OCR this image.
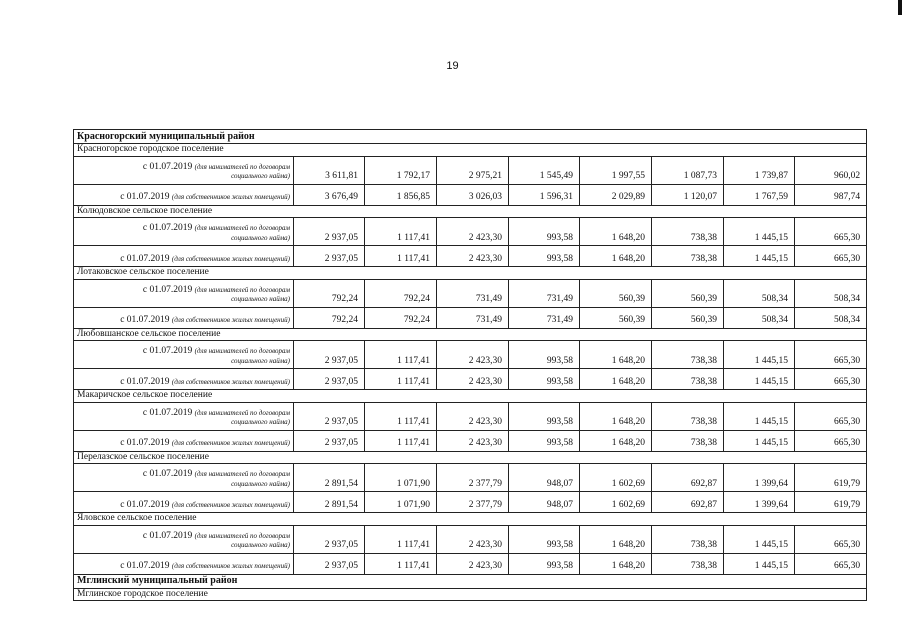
19
Красногорский муниципальный район								
Красногорское городское поселение								
с 01.07.2019 (для нанимателей по договорам
социального найма)	3 611,81	1 792,17	2 975,21	1 545,49	1 997,55	1 087,73	1 739,87	960,02
с 01.07.2019 (для собственников жилых помещений)	3 676,49	1 856,85	3 026,03	1 596,31	2 029,89	1 120,07	1 767,59	987,74
Колюдовское сельское поселение								
с 01.07.2019 (для нанимателей по договорам
социального найма)	2 937,05	1 117,41	2 423,30	993,58	1 648,20	738,38	1 445,15	665,30
с 01.07.2019 (для собственников жилых помещений)	2 937,05	1 117,41	2 423,30	993,58	1 648,20	738,38	1 445,15	665,30
Лотаковское сельское поселение								
с 01.07.2019 (для нанимателей по договорам
социального найма)	792,24	792,24	731,49	731,49	560,39	560,39	508,34	508,34
с 01.07.2019 (для собственников жилых помещений)	792,24	792,24	731,49	731,49	560,39	560,39	508,34	508,34
Любовшанское сельское поселение								
с 01.07.2019 (для нанимателей по договорам
социального найма)	2 937,05	1 117,41	2 423,30	993,58	1 648,20	738,38	1 445,15	665,30
с 01.07.2019 (для собственников жилых помещений)	2 937,05	1 117,41	2 423,30	993,58	1 648,20	738,38	1 445,15	665,30
Макаричское сельское поселение								
с 01.07.2019 (для нанимателей по договорам
социального найма)	2 937,05	1 117,41	2 423,30	993,58	1 648,20	738,38	1 445,15	665,30
с 01.07.2019 (для собственников жилых помещений)	2 937,05	1 117,41	2 423,30	993,58	1 648,20	738,38	1 445,15	665,30
Перелазское сельское поселение								
с 01.07.2019 (для нанимателей по договорам
социального найма)	2 891,54	1 071,90	2 377,79	948,07	1 602,69	692,87	1 399,64	619,79
с 01.07.2019 (для собственников жилых помещений)	2 891,54	1 071,90	2 377,79	948,07	1 602,69	692,87	1 399,64	619,79
Яловское сельское поселение								
с 01.07.2019 (для нанимателей по договорам
социального найма)	2 937,05	1 117,41	2 423,30	993,58	1 648,20	738,38	1 445,15	665,30
с 01.07.2019 (для собственников жилых помещений)	2 937,05	1 117,41	2 423,30	993,58	1 648,20	738,38	1 445,15	665,30
Мглинский муниципальный район								
Мглинское городское поселение								
